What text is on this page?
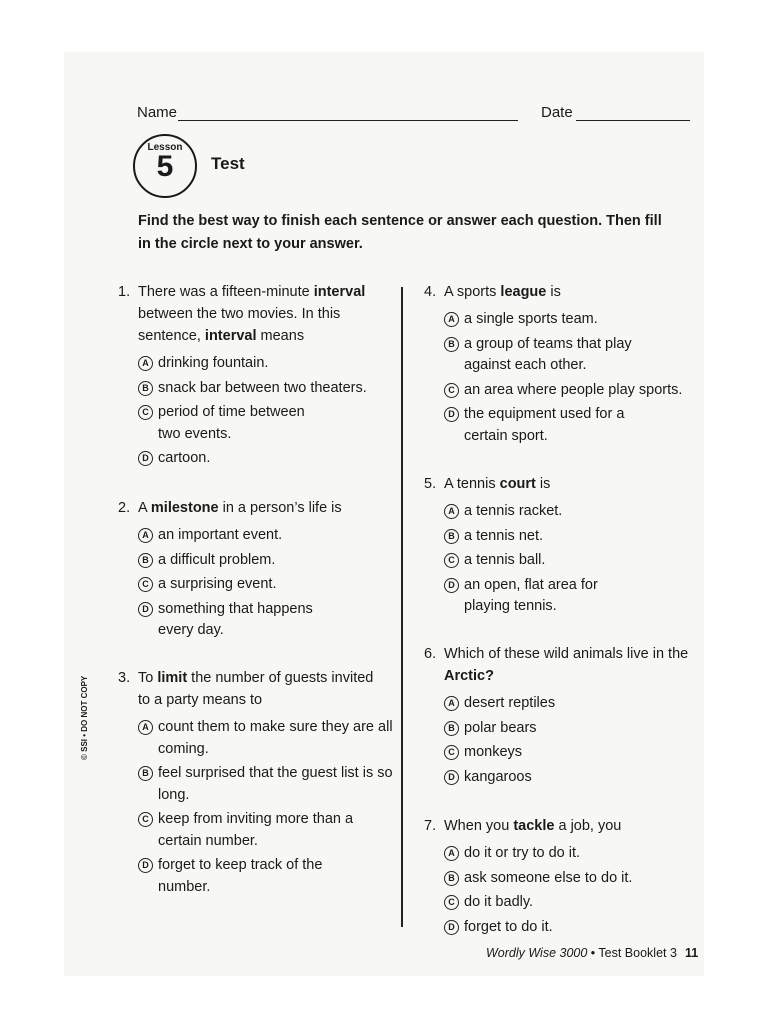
Name	Date
Lesson
5	Test
Find the best way to finish each sentence or answer each question. Then fill in the circle next to your answer.
1. There was a fifteen-minute interval between the two movies. In this sentence, interval means
A drinking fountain.
B snack bar between two theaters.
C period of time between two events.
D cartoon.
2. A milestone in a person’s life is
A an important event.
B a difficult problem.
C a surprising event.
D something that happens every day.
3. To limit the number of guests invited to a party means to
A count them to make sure they are all coming.
B feel surprised that the guest list is so long.
C keep from inviting more than a certain number.
D forget to keep track of the number.
4. A sports league is
A a single sports team.
B a group of teams that play against each other.
C an area where people play sports.
D the equipment used for a certain sport.
5. A tennis court is
A a tennis racket.
B a tennis net.
C a tennis ball.
D an open, flat area for playing tennis.
6. Which of these wild animals live in the Arctic?
A desert reptiles
B polar bears
C monkeys
D kangaroos
7. When you tackle a job, you
A do it or try to do it.
B ask someone else to do it.
C do it badly.
D forget to do it.
© SSI • DO NOT COPY
Wordly Wise 3000 • Test Booklet 3 11
